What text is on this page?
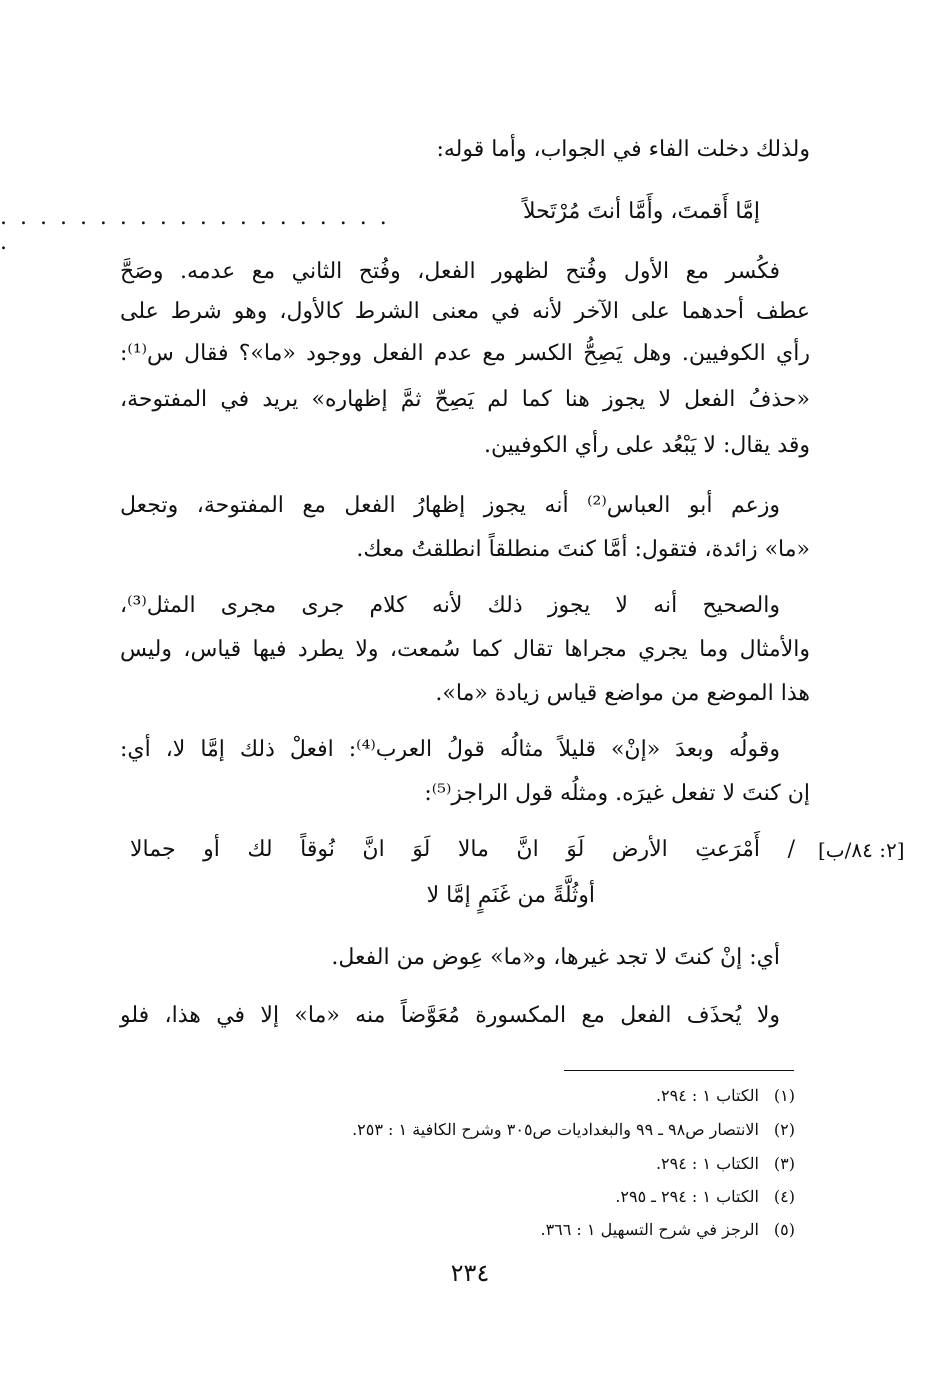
ولذلك دخلت الفاء في الجواب، وأما قوله:
إمَّا أَقمتَ، وأَمَّا أنتَ مُرْتَحلاً
. . . . . . . . . . . . . . . . . . . . .
فكُسر مع الأول وفُتح لظهور الفعل، وفُتح الثاني مع عدمه. وصَحَّ
عطف أحدهما على الآخر لأنه في معنى الشرط كالأول، وهو شرط على
رأي الكوفيين. وهل يَصِحُّ الكسر مع عدم الفعل ووجود «ما»؟ فقال س⁽¹⁾:
«حذفُ الفعل لا يجوز هنا كما لم يَصِحّ ثمَّ إظهاره» يريد في المفتوحة،
وقد يقال: لا يَبْعُد على رأي الكوفيين.
وزعم أبو العباس⁽²⁾ أنه يجوز إظهارُ الفعل مع المفتوحة، وتجعل
«ما» زائدة، فتقول: أمَّا كنتَ منطلقاً انطلقتُ معك.
والصحيح أنه لا يجوز ذلك لأنه كلام جرى مجرى المثل⁽³⁾،
والأمثال وما يجري مجراها تقال كما سُمعت، ولا يطرد فيها قياس، وليس
هذا الموضع من مواضع قياس زيادة «ما».
وقولُه وبعدَ «إنْ» قليلاً مثالُه قولُ العرب⁽⁴⁾: افعلْ ذلك إمَّا لا، أي:
إن كنتَ لا تفعل غيرَه. ومثلُه قول الراجز⁽⁵⁾:
[٢: ٨٤/ب]
/ أَمْرَعتِ الأرض لَوَ انَّ مالا لَوَ انَّ نُوقاً لك أو جمالا
أوثُلَّةً من غَنَمٍ إمَّا لا
أي: إنْ كنتَ لا تجد غيرها، و«ما» عِوض من الفعل.
ولا يُحذَف الفعل مع المكسورة مُعَوَّضاً منه «ما» إلا في هذا، فلو
(١)الكتاب ١ : ٢٩٤.
(٢)الانتصار ص٩٨ ـ ٩٩ والبغداديات ص٣٠٥ وشرح الكافية ١ : ٢٥٣.
(٣)الكتاب ١ : ٢٩٤.
(٤)الكتاب ١ : ٢٩٤ ـ ٢٩٥.
(٥)الرجز في شرح التسهيل ١ : ٣٦٦.
٢٣٤
